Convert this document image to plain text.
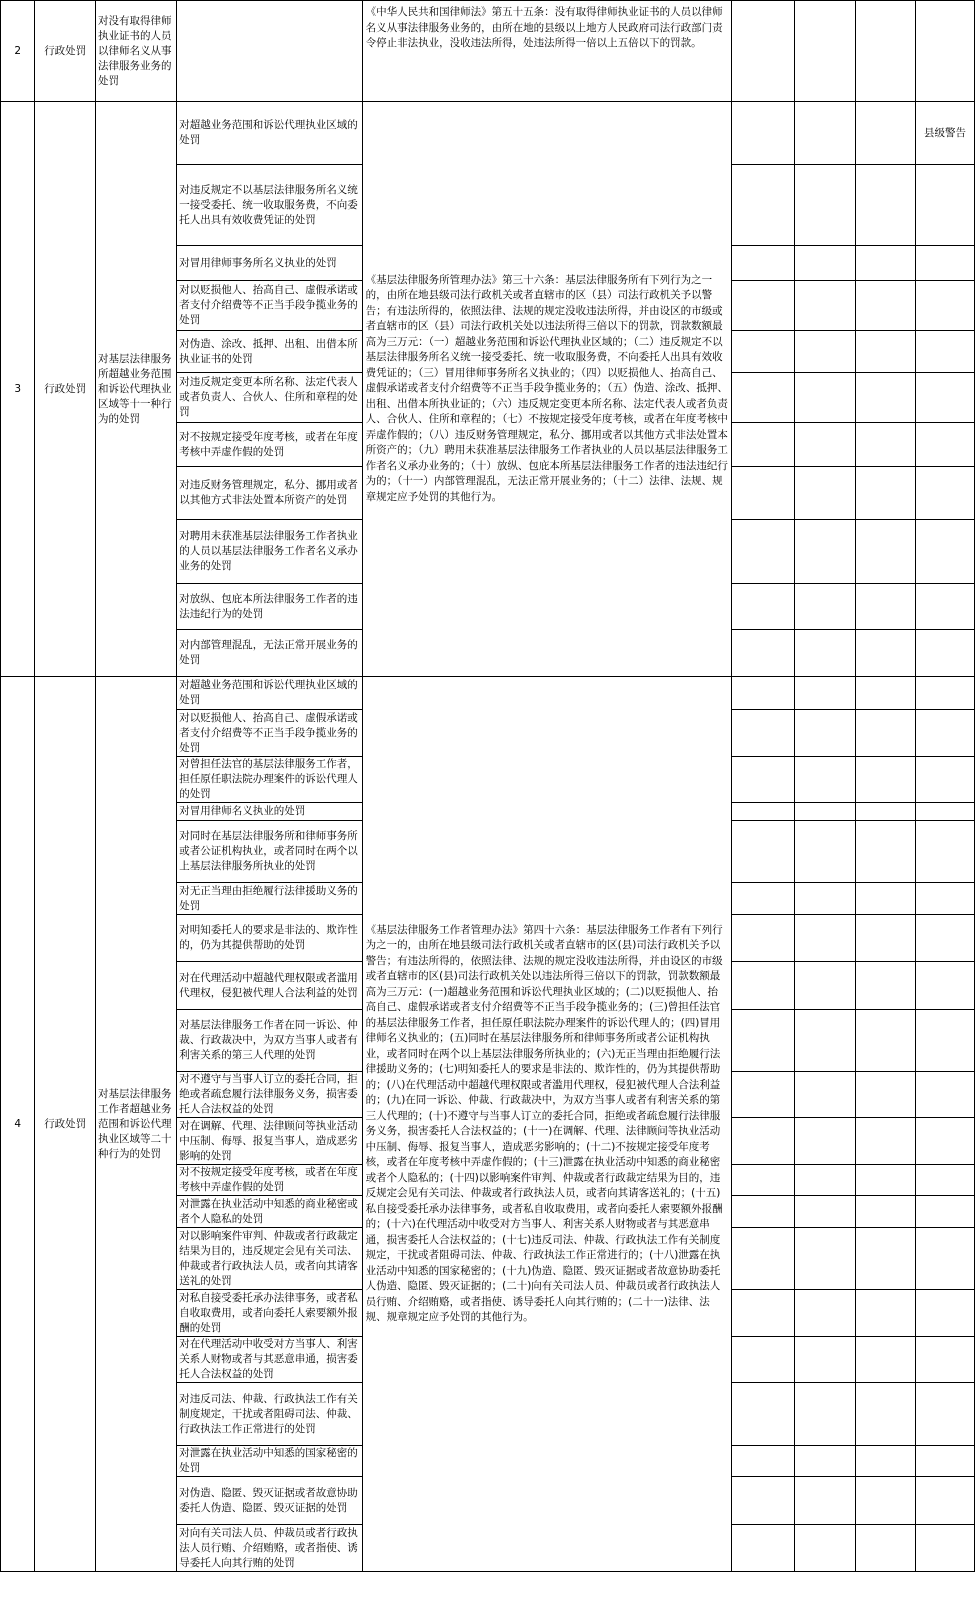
2	行政处罚	对没有取得律师执业证书的人员以律师名义从事法律服务业务的处罚		《中华人民共和国律师法》第五十五条：没有取得律师执业证书的人员以律师名义从事法律服务业务的，由所在地的县级以上地方人民政府司法行政部门责令停止非法执业，没收违法所得，处违法所得一倍以上五倍以下的罚款。				
3	行政处罚	对基层法律服务所超越业务范围和诉讼代理执业区域等十一种行为的处罚	对超越业务范围和诉讼代理执业区域的处罚	《基层法律服务所管理办法》第三十六条：基层法律服务所有下列行为之一的，由所在地县级司法行政机关或者直辖市的区（县）司法行政机关予以警告；有违法所得的，依照法律、法规的规定没收违法所得，并由设区的市级或者直辖市的区（县）司法行政机关处以违法所得三倍以下的罚款，罚款数额最高为三万元：（一）超越业务范围和诉讼代理执业区域的；（二）违反规定不以基层法律服务所名义统一接受委托、统一收取服务费，不向委托人出具有效收费凭证的；（三）冒用律师事务所名义执业的；（四）以贬损他人、抬高自己、虚假承诺或者支付介绍费等不正当手段争揽业务的；（五）伪造、涂改、抵押、出租、出借本所执业证的；（六）违反规定变更本所名称、法定代表人或者负责人、合伙人、住所和章程的；（七）不按规定接受年度考核，或者在年度考核中弄虚作假的；（八）违反财务管理规定，私分、挪用或者以其他方式非法处置本所资产的；（九）聘用未获准基层法律服务工作者执业的人员以基层法律服务工作者名义承办业务的；（十）放纵、包庇本所基层法律服务工作者的违法违纪行为的；（十一）内部管理混乱，无法正常开展业务的；（十二）法律、法规、规章规定应予处罚的其他行为。				县级警告
			对违反规定不以基层法律服务所名义统一接受委托、统一收取服务费，不向委托人出具有效收费凭证的处罚					
			对冒用律师事务所名义执业的处罚					
			对以贬损他人、抬高自己、虚假承诺或者支付介绍费等不正当手段争揽业务的处罚					
			对伪造、涂改、抵押、出租、出借本所执业证书的处罚					
			对违反规定变更本所名称、法定代表人或者负责人、合伙人、住所和章程的处罚					
			对不按规定接受年度考核，或者在年度考核中弄虚作假的处罚					
			对违反财务管理规定，私分、挪用或者以其他方式非法处置本所资产的处罚					
			对聘用未获准基层法律服务工作者执业的人员以基层法律服务工作者名义承办业务的处罚					
			对放纵、包庇本所法律服务工作者的违法违纪行为的处罚					
			对内部管理混乱，无法正常开展业务的处罚					
4	行政处罚	对基层法律服务工作者超越业务范围和诉讼代理执业区域等二十种行为的处罚	对超越业务范围和诉讼代理执业区域的处罚	《基层法律服务工作者管理办法》第四十六条：基层法律服务工作者有下列行为之一的，由所在地县级司法行政机关或者直辖市的区(县)司法行政机关予以警告；有违法所得的，依照法律、法规的规定没收违法所得，并由设区的市级或者直辖市的区(县)司法行政机关处以违法所得三倍以下的罚款，罚款数额最高为三万元：(一)超越业务范围和诉讼代理执业区域的；(二)以贬损他人、抬高自己、虚假承诺或者支付介绍费等不正当手段争揽业务的；(三)曾担任法官的基层法律服务工作者，担任原任职法院办理案件的诉讼代理人的；(四)冒用律师名义执业的；(五)同时在基层法律服务所和律师事务所或者公证机构执业，或者同时在两个以上基层法律服务所执业的；(六)无正当理由拒绝履行法律援助义务的；(七)明知委托人的要求是非法的、欺诈性的，仍为其提供帮助的；(八)在代理活动中超越代理权限或者滥用代理权，侵犯被代理人合法利益的；(九)在同一诉讼、仲裁、行政裁决中，为双方当事人或者有利害关系的第三人代理的；(十)不遵守与当事人订立的委托合同，拒绝或者疏怠履行法律服务义务，损害委托人合法权益的；(十一)在调解、代理、法律顾问等执业活动中压制、侮辱、报复当事人，造成恶劣影响的；(十二)不按规定接受年度考核，或者在年度考核中弄虚作假的；(十三)泄露在执业活动中知悉的商业秘密或者个人隐私的；(十四)以影响案件审判、仲裁或者行政裁定结果为目的，违反规定会见有关司法、仲裁或者行政执法人员，或者向其请客送礼的；(十五)私自接受委托承办法律事务，或者私自收取费用，或者向委托人索要额外报酬的；(十六)在代理活动中收受对方当事人、利害关系人财物或者与其恶意串通，损害委托人合法权益的；(十七)违反司法、仲裁、行政执法工作有关制度规定，干扰或者阻碍司法、仲裁、行政执法工作正常进行的；(十八)泄露在执业活动中知悉的国家秘密的；(十九)伪造、隐匿、毁灭证据或者故意协助委托人伪造、隐匿、毁灭证据的；(二十)向有关司法人员、仲裁员或者行政执法人员行贿、介绍贿赂，或者指使、诱导委托人向其行贿的；(二十一)法律、法规、规章规定应予处罚的其他行为。				
			对以贬损他人、抬高自己、虚假承诺或者支付介绍费等不正当手段争揽业务的处罚					
			对曾担任法官的基层法律服务工作者，担任原任职法院办理案件的诉讼代理人的处罚					
			对冒用律师名义执业的处罚					
			对同时在基层法律服务所和律师事务所或者公证机构执业，或者同时在两个以上基层法律服务所执业的处罚					
			对无正当理由拒绝履行法律援助义务的处罚					
			对明知委托人的要求是非法的、欺诈性的，仍为其提供帮助的处罚					
			对在代理活动中超越代理权限或者滥用代理权，侵犯被代理人合法利益的处罚					
			对基层法律服务工作者在同一诉讼、仲裁、行政裁决中，为双方当事人或者有利害关系的第三人代理的处罚					
			对不遵守与当事人订立的委托合同，拒绝或者疏怠履行法律服务义务，损害委托人合法权益的处罚					
			对在调解、代理、法律顾问等执业活动中压制、侮辱、报复当事人，造成恶劣影响的处罚					
			对不按规定接受年度考核，或者在年度考核中弄虚作假的处罚					
			对泄露在执业活动中知悉的商业秘密或者个人隐私的处罚					
			对以影响案件审判、仲裁或者行政裁定结果为目的，违反规定会见有关司法、仲裁或者行政执法人员，或者向其请客送礼的处罚					
			对私自接受委托承办法律事务，或者私自收取费用，或者向委托人索要额外报酬的处罚					
			对在代理活动中收受对方当事人、利害关系人财物或者与其恶意串通，损害委托人合法权益的处罚					
			对违反司法、仲裁、行政执法工作有关制度规定，干扰或者阻碍司法、仲裁、行政执法工作正常进行的处罚					
			对泄露在执业活动中知悉的国家秘密的处罚					
			对伪造、隐匿、毁灭证据或者故意协助委托人伪造、隐匿、毁灭证据的处罚					
			对向有关司法人员、仲裁员或者行政执法人员行贿、介绍贿赂，或者指使、诱导委托人向其行贿的处罚					
